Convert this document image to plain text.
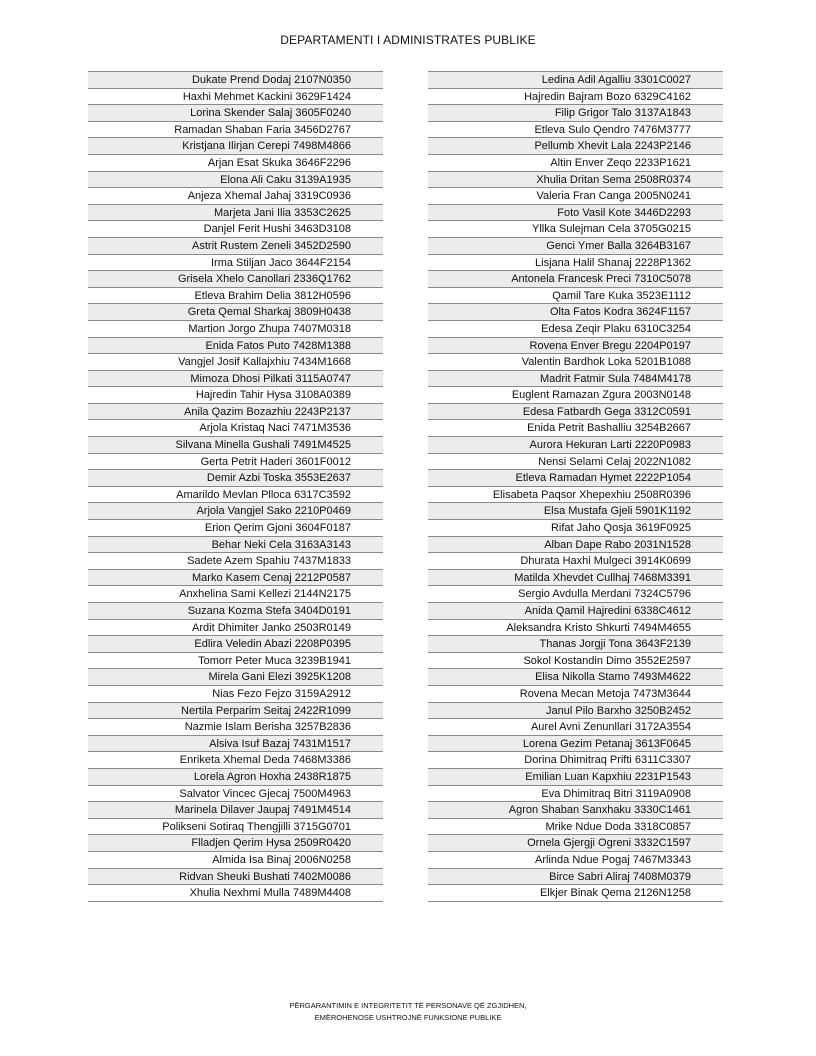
DEPARTAMENTI I ADMINISTRATES PUBLIKE
Dukate Prend Dodaj 2107N0350
Haxhi Mehmet Kackini 3629F1424
Lorina Skender Salaj 3605F0240
Ramadan Shaban Faria 3456D2767
Kristjana Ilirjan Cerepi 7498M4866
Arjan Esat Skuka 3646F2296
Elona Ali Caku 3139A1935
Anjeza Xhemal Jahaj 3319C0936
Marjeta Jani Ilia 3353C2625
Danjel Ferit Hushi 3463D3108
Astrit Rustem Zeneli 3452D2590
Irma Stiljan Jaco 3644F2154
Grisela Xhelo Canollari 2336Q1762
Etleva Brahim Delia 3812H0596
Greta Qemal Sharkaj 3809H0438
Martion Jorgo Zhupa 7407M0318
Enida Fatos Puto 7428M1388
Vangjel Josif Kallajxhiu 7434M1668
Mimoza Dhosi Pilkati 3115A0747
Hajredin Tahir Hysa 3108A0389
Anila Qazim Bozazhiu 2243P2137
Arjola Kristaq Naci 7471M3536
Silvana Minella Gushali 7491M4525
Gerta Petrit Haderi 3601F0012
Demir Azbi Toska 3553E2637
Amarildo Mevlan Plloca 6317C3592
Arjola Vangjel Sako 2210P0469
Erion Qerim Gjoni 3604F0187
Behar Neki Cela 3163A3143
Sadete Azem Spahiu 7437M1833
Marko Kasem Cenaj 2212P0587
Anxhelina Sami Kellezi 2144N2175
Suzana Kozma Stefa 3404D0191
Ardit Dhimiter Janko 2503R0149
Edlira Veledin Abazi 2208P0395
Tomorr Peter Muca 3239B1941
Mirela Gani Elezi 3925K1208
Nias Fezo Fejzo 3159A2912
Nertila Perparim Seitaj 2422R1099
Nazmie Islam Berisha 3257B2836
Alsiva Isuf Bazaj 7431M1517
Enriketa Xhemal Deda 7468M3386
Lorela Agron Hoxha 2438R1875
Salvator Vincec Gjecaj 7500M4963
Marinela Dilaver Jaupaj 7491M4514
Polikseni Sotiraq Thengjilli 3715G0701
Flladjen Qerim Hysa 2509R0420
Almida Isa Binaj 2006N0258
Ridvan Sheuki Bushati 7402M0086
Xhulia Nexhmi Mulla 7489M4408
Ledina Adil Agalliu 3301C0027
Hajredin Bajram Bozo 6329C4162
Filip Grigor Talo 3137A1843
Etleva Sulo Qendro 7476M3777
Pellumb Xhevit Lala 2243P2146
Altin Enver Zeqo 2233P1621
Xhulia Dritan Sema 2508R0374
Valeria Fran Canga 2005N0241
Foto Vasil Kote 3446D2293
Yllka Sulejman Cela 3705G0215
Genci Ymer Balla 3264B3167
Lisjana Halil Shanaj 2228P1362
Antonela Francesk Preci 7310C5078
Qamil Tare Kuka 3523E1112
Olta Fatos Kodra 3624F1157
Edesa Zeqir Plaku 6310C3254
Rovena Enver Bregu 2204P0197
Valentin Bardhok Loka 5201B1088
Madrit Fatmir Sula 7484M4178
Euglent Ramazan Zgura 2003N0148
Edesa Fatbardh Gega 3312C0591
Enida Petrit Bashalliu 3254B2667
Aurora Hekuran Larti 2220P0983
Nensi Selami Celaj 2022N1082
Etleva Ramadan Hymet 2222P1054
Elisabeta Paqsor Xhepexhiu 2508R0396
Elsa Mustafa Gjeli 5901K1192
Rifat Jaho Qosja 3619F0925
Alban Dape Rabo 2031N1528
Dhurata Haxhi Mulgeci 3914K0699
Matilda Xhevdet Cullhaj 7468M3391
Sergio Avdulla Merdani 7324C5796
Anida Qamil Hajredini 6338C4612
Aleksandra Kristo Shkurti 7494M4655
Thanas Jorgji Tona 3643F2139
Sokol Kostandin Dimo 3552E2597
Elisa Nikolla Stamo 7493M4622
Rovena Mecan Metoja 7473M3644
Janul Pilo Barxho 3250B2452
Aurel Avni Zenunllari 3172A3554
Lorena Gezim Petanaj 3613F0645
Dorina Dhimitraq Prifti 6311C3307
Emilian Luan Kapxhiu 2231P1543
Eva Dhimitraq Bitri 3119A0908
Agron Shaban Sanxhaku 3330C1461
Mrike Ndue Doda 3318C0857
Ornela Gjergji Ogreni 3332C1597
Arlinda Ndue Pogaj 7467M3343
Birce Sabri Aliraj 7408M0379
Elkjer Binak Qema 2126N1258
PËRGARANTIMIN E INTEGRITETIT TË PERSONAVE QË ZGJIDHEN,
EMËROHENOSE USHTROJNË FUNKSIONE PUBLIKE
